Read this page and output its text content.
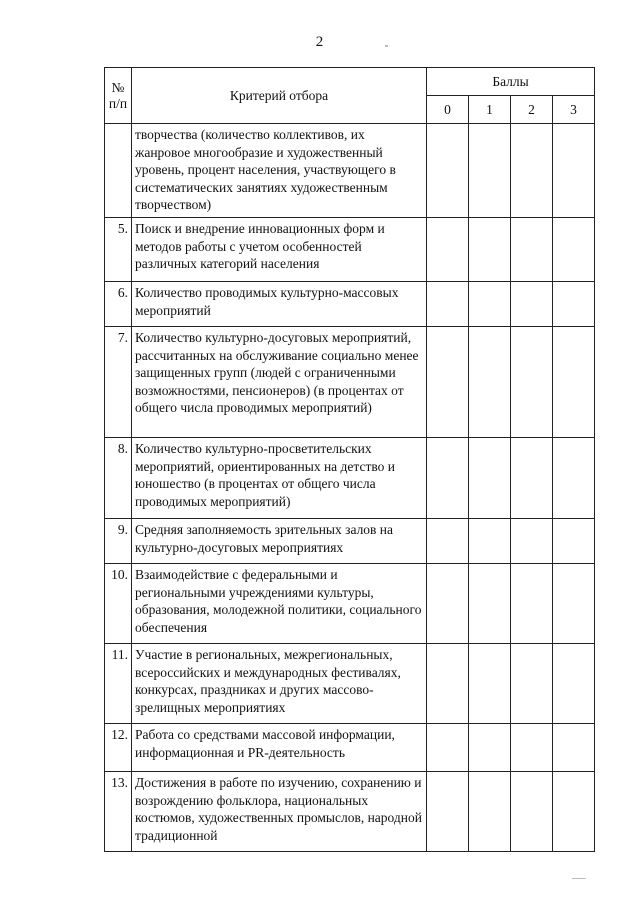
2
№ п/п	Критерий отбора	Баллы			
		0	1	2	3
	творчества (количество коллективов, их жанровое многообразие и художественный уровень, процент населения, участвующего в систематических занятиях художественным творчеством)				
5.	Поиск и внедрение инновационных форм и методов работы с учетом особенностей различных категорий населения				
6.	Количество проводимых культурно-массовых мероприятий				
7.	Количество культурно-досуговых мероприятий, рассчитанных на обслуживание социально менее защищенных групп (людей с ограниченными возможностями, пенсионеров) (в процентах от общего числа проводимых мероприятий)				
8.	Количество культурно-просветительских мероприятий, ориентированных на детство и юношество (в процентах от общего числа проводимых мероприятий)				
9.	Средняя заполняемость зрительных залов на культурно-досуговых мероприятиях				
10.	Взаимодействие с федеральными и региональными учреждениями культуры, образования, молодежной политики, социального обеспечения				
11.	Участие в региональных, межрегиональных, всероссийских и международных фестивалях, конкурсах, праздниках и других массово-зрелищных мероприятиях				
12.	Работа со средствами массовой информации, информационная и PR-деятельность				
13.	Достижения в работе по изучению, сохранению и возрождению фольклора, национальных костюмов, художественных промыслов, народной традиционной				
